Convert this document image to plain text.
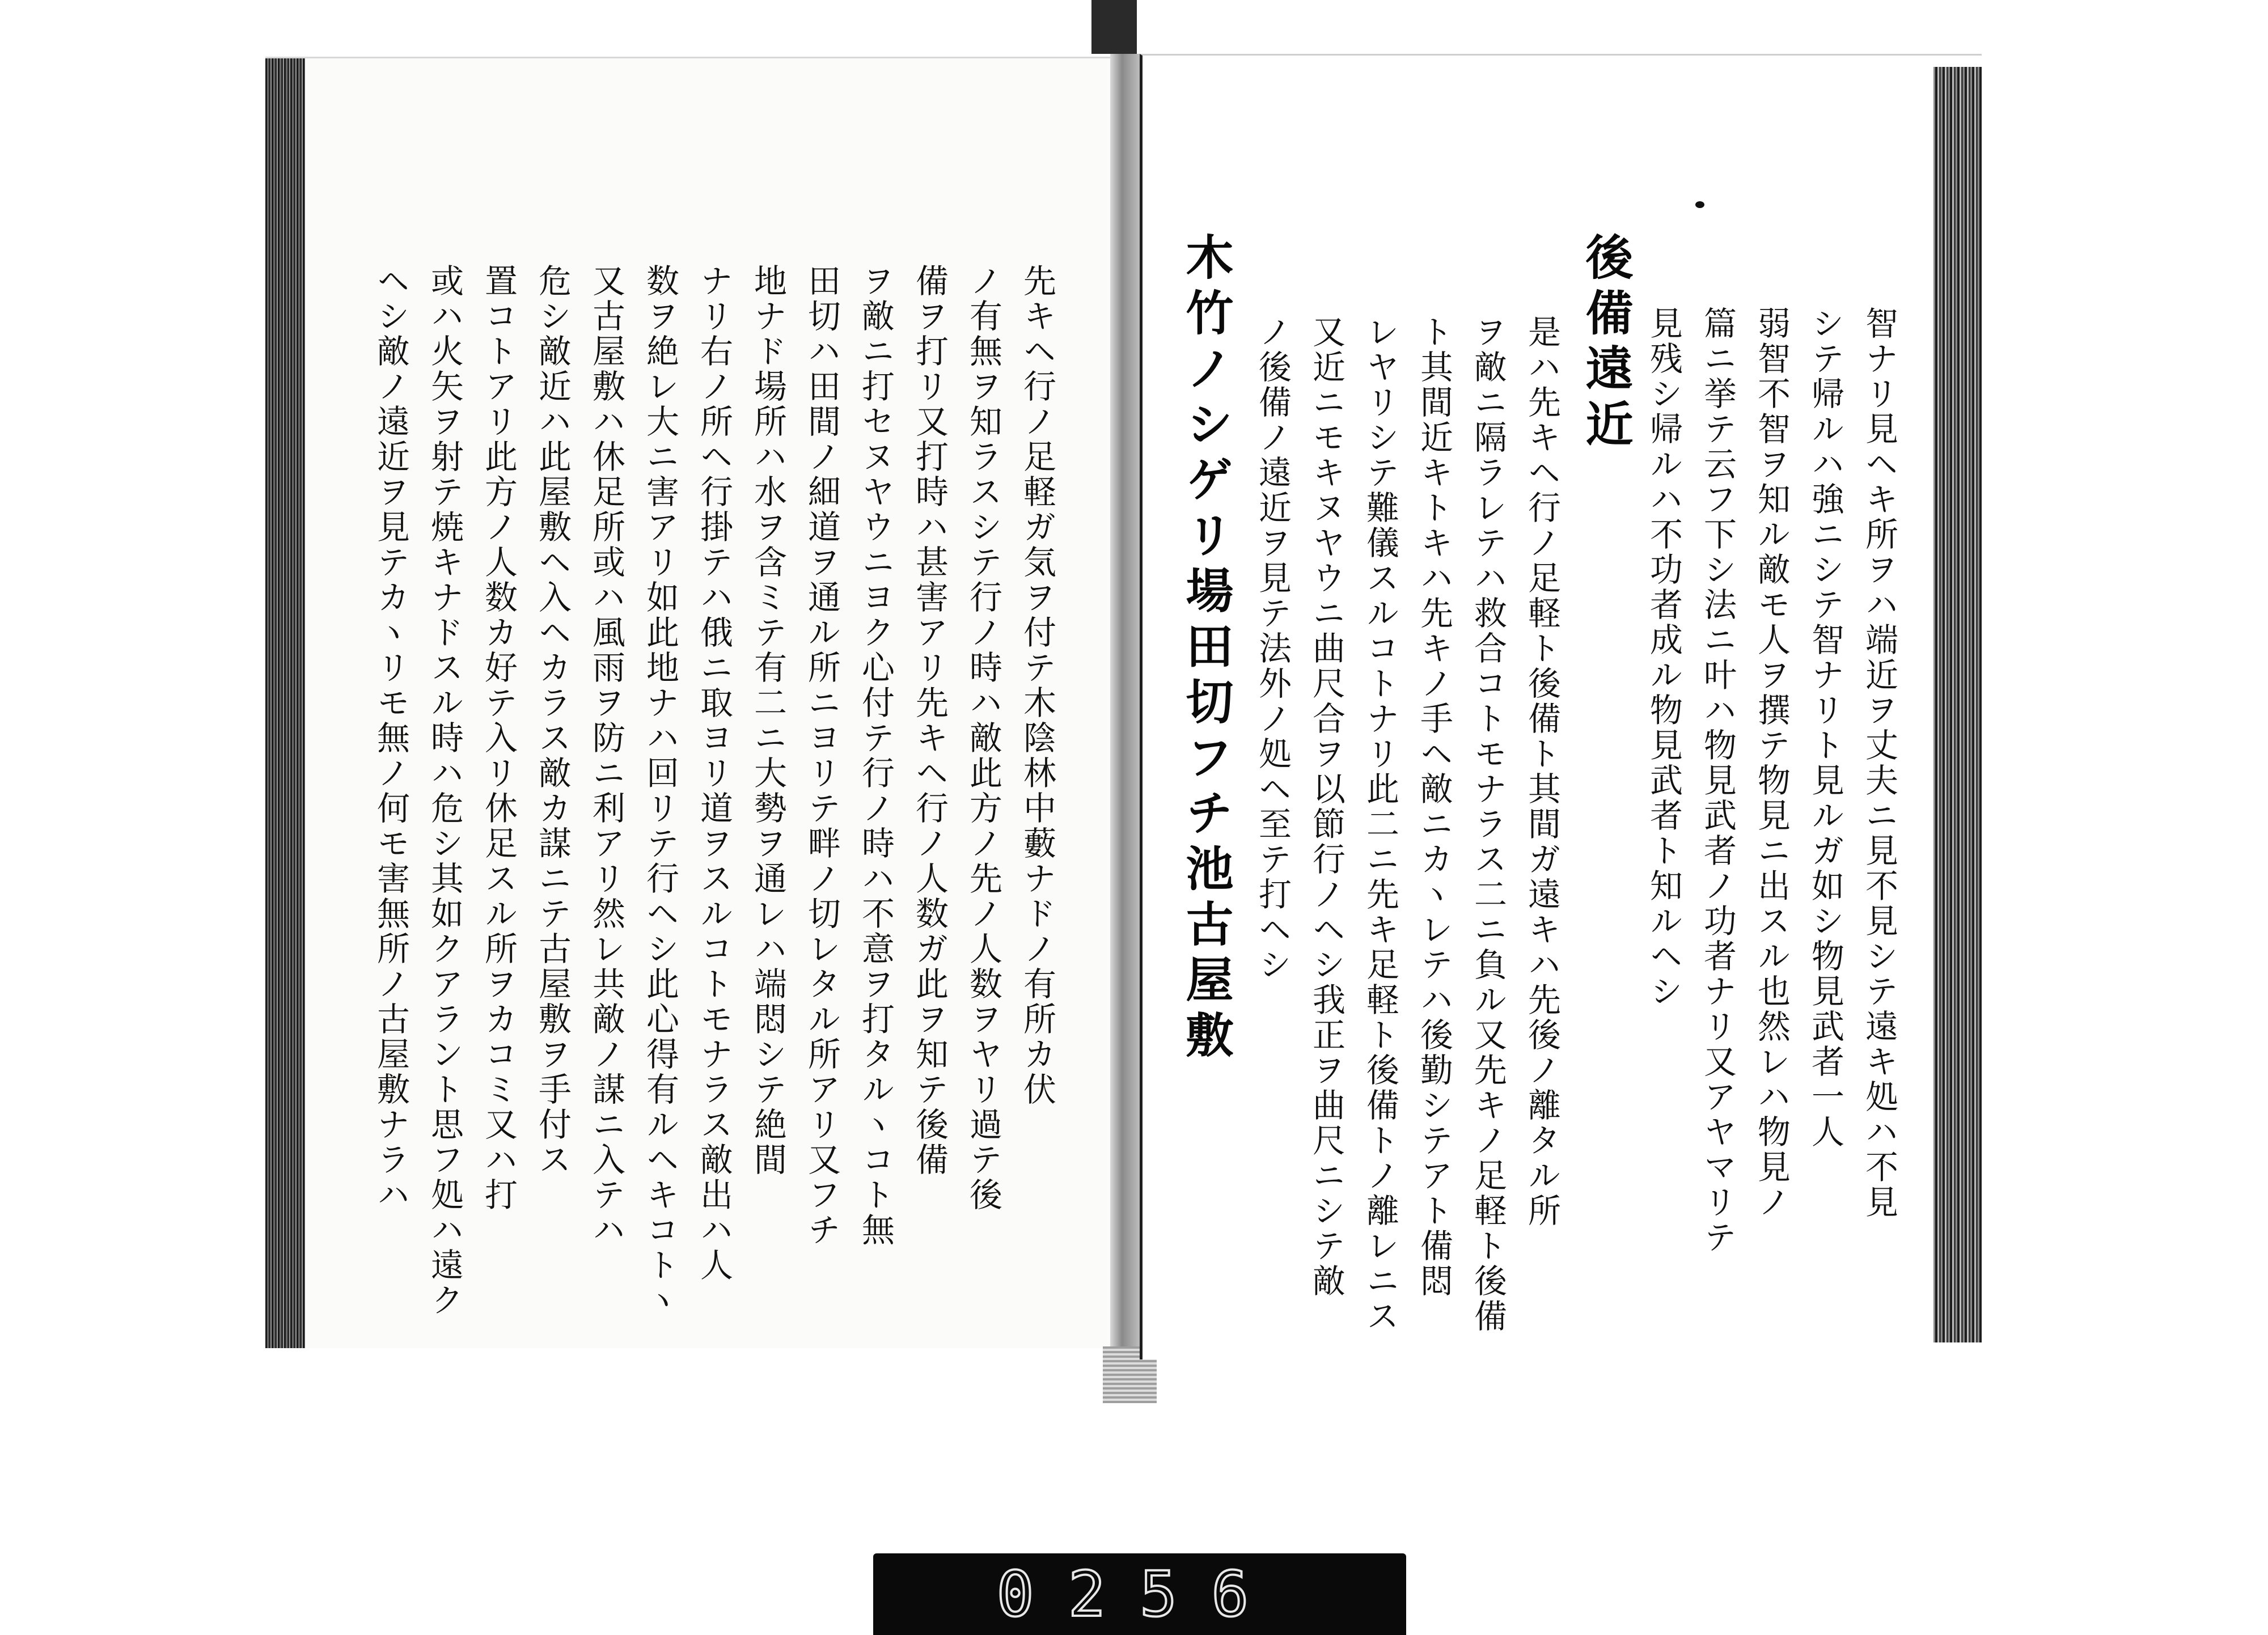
智ナリ見ヘキ所ヲハ端近ヲ丈夫ニ見不見シテ遠キ処ハ不見
シテ帰ルハ強ニシテ智ナリト見ルガ如シ物見武者一人
弱智不智ヲ知ル敵モ人ヲ撰テ物見ニ出スル也然レハ物見ノ
篇ニ挙テ云フ下シ法ニ叶ハ物見武者ノ功者ナリ又アヤマリテ
見残シ帰ルハ不功者成ル物見武者ト知ルヘシ
後備遠近
是ハ先キヘ行ノ足軽ト後備ト其間ガ遠キハ先後ノ離タル所
ヲ敵ニ隔ラレテハ救合コトモナラス二ニ負ル又先キノ足軽ト後備
ト其間近キトキハ先キノ手ヘ敵ニカヽレテハ後勤シテアト備悶
レヤリシテ難儀スルコトナリ此二ニ先キ足軽ト後備トノ離レニス
又近ニモキヌヤウニ曲尺合ヲ以節行ノヘシ我正ヲ曲尺ニシテ敵
ノ後備ノ遠近ヲ見テ法外ノ処ヘ至テ打ヘシ
木竹ノシゲリ場田切フチ池古屋敷
先キヘ行ノ足軽ガ気ヲ付テ木陰林中藪ナドノ有所カ伏
ノ有無ヲ知ラスシテ行ノ時ハ敵此方ノ先ノ人数ヲヤリ過テ後
備ヲ打リ又打時ハ甚害アリ先キヘ行ノ人数ガ此ヲ知テ後備
ヲ敵ニ打セヌヤウニヨク心付テ行ノ時ハ不意ヲ打タルヽコト無
田切ハ田間ノ細道ヲ通ル所ニヨリテ畔ノ切レタル所アリ又フチ
地ナド場所ハ水ヲ含ミテ有二ニ大勢ヲ通レハ端悶シテ絶間
ナリ右ノ所ヘ行掛テハ俄ニ取ヨリ道ヲスルコトモナラス敵出ハ人
数ヲ絶レ大ニ害アリ如此地ナハ回リテ行ヘシ此心得有ルヘキコトヽ
又古屋敷ハ休足所或ハ風雨ヲ防ニ利アリ然レ共敵ノ謀ニ入テハ
危シ敵近ハ此屋敷ヘ入ヘカラス敵カ謀ニテ古屋敷ヲ手付ス
置コトアリ此方ノ人数カ好テ入リ休足スル所ヲカコミ又ハ打
或ハ火矢ヲ射テ焼キナドスル時ハ危シ其如クアラント思フ処ハ遠ク
ヘシ敵ノ遠近ヲ見テカヽリモ無ノ何モ害無所ノ古屋敷ナラハ
0256
